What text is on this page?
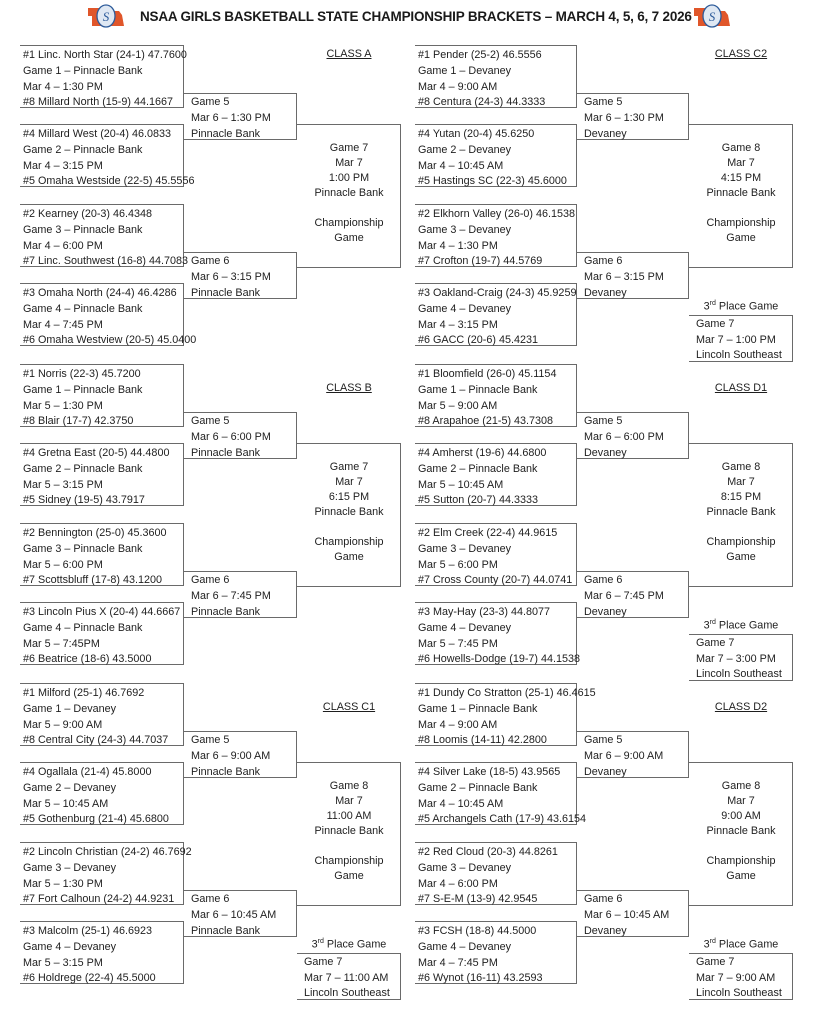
S NSAA GIRLS BASKETBALL STATE CHAMPIONSHIP BRACKETS – MARCH 4, 5, 6, 7 2026 S
CLASS A
#1 Linc. North Star (24-1) 47.7600
Game 1 – Pinnacle Bank
Mar 4 – 1:30 PM
#8 Millard North (15-9) 44.1667
#4 Millard West (20-4) 46.0833
Game 2 – Pinnacle Bank
Mar 4 – 3:15 PM
#5 Omaha Westside (22-5) 45.5556
#2 Kearney (20-3) 46.4348
Game 3 – Pinnacle Bank
Mar 4 – 6:00 PM
#7 Linc. Southwest (16-8) 44.7083
#3 Omaha North (24-4) 46.4286
Game 4 – Pinnacle Bank
Mar 4 – 7:45 PM
#6 Omaha Westview (20-5) 45.0400
Game 5
Mar 6 – 1:30 PM
Pinnacle Bank
Game 6
Mar 6 – 3:15 PM
Pinnacle Bank
Game 7
Mar 7
1:00 PM
Pinnacle Bank
Championship
Game
CLASS B
#1 Norris (22-3) 45.7200
Game 1 – Pinnacle Bank
Mar 5 – 1:30 PM
#8 Blair (17-7) 42.3750
#4 Gretna East (20-5) 44.4800
Game 2 – Pinnacle Bank
Mar 5 – 3:15 PM
#5 Sidney (19-5) 43.7917
#2 Bennington (25-0) 45.3600
Game 3 – Pinnacle Bank
Mar 5 – 6:00 PM
#7 Scottsbluff (17-8) 43.1200
#3 Lincoln Pius X (20-4) 44.6667
Game 4 – Pinnacle Bank
Mar 5 – 7:45PM
#6 Beatrice (18-6) 43.5000
Game 5
Mar 6 – 6:00 PM
Pinnacle Bank
Game 6
Mar 6 – 7:45 PM
Pinnacle Bank
Game 7
Mar 7
6:15 PM
Pinnacle Bank
Championship
Game
CLASS C1
#1 Milford (25-1) 46.7692
Game 1 – Devaney
Mar 5 – 9:00 AM
#8 Central City (24-3) 44.7037
#4 Ogallala (21-4) 45.8000
Game 2 – Devaney
Mar 5 – 10:45 AM
#5 Gothenburg (21-4) 45.6800
#2 Lincoln Christian (24-2) 46.7692
Game 3 – Devaney
Mar 5 – 1:30 PM
#7 Fort Calhoun (24-2) 44.9231
#3 Malcolm (25-1) 46.6923
Game 4 – Devaney
Mar 5 – 3:15 PM
#6 Holdrege (22-4) 45.5000
Game 5
Mar 6 – 9:00 AM
Pinnacle Bank
Game 6
Mar 6 – 10:45 AM
Pinnacle Bank
Game 8
Mar 7
11:00 AM
Pinnacle Bank
Championship
Game
3rd Place Game
Game 7
Mar 7 – 11:00 AM
Lincoln Southeast
CLASS C2
#1 Pender (25-2) 46.5556
Game 1 – Devaney
Mar 4 – 9:00 AM
#8 Centura (24-3) 44.3333
#4 Yutan (20-4) 45.6250
Game 2 – Devaney
Mar 4 – 10:45 AM
#5 Hastings SC (22-3) 45.6000
#2 Elkhorn Valley (26-0) 46.1538
Game 3 – Devaney
Mar 4 – 1:30 PM
#7 Crofton (19-7) 44.5769
#3 Oakland-Craig (24-3) 45.9259
Game 4 – Devaney
Mar 4 – 3:15 PM
#6 GACC (20-6) 45.4231
Game 5
Mar 6 – 1:30 PM
Devaney
Game 6
Mar 6 – 3:15 PM
Devaney
Game 8
Mar 7
4:15 PM
Pinnacle Bank
Championship
Game
3rd Place Game
Game 7
Mar 7 – 1:00 PM
Lincoln Southeast
CLASS D1
#1 Bloomfield (26-0) 45.1154
Game 1 – Pinnacle Bank
Mar 5 – 9:00 AM
#8 Arapahoe (21-5) 43.7308
#4 Amherst (19-6) 44.6800
Game 2 – Pinnacle Bank
Mar 5 – 10:45 AM
#5 Sutton (20-7) 44.3333
#2 Elm Creek (22-4) 44.9615
Game 3 – Devaney
Mar 5 – 6:00 PM
#7 Cross County (20-7) 44.0741
#3 May-Hay (23-3) 44.8077
Game 4 – Devaney
Mar 5 – 7:45 PM
#6 Howells-Dodge (19-7) 44.1538
Game 5
Mar 6 – 6:00 PM
Devaney
Game 6
Mar 6 – 7:45 PM
Devaney
Game 8
Mar 7
8:15 PM
Pinnacle Bank
Championship
Game
3rd Place Game
Game 7
Mar 7 – 3:00 PM
Lincoln Southeast
CLASS D2
#1 Dundy Co Stratton (25-1) 46.4615
Game 1 – Pinnacle Bank
Mar 4 – 9:00 AM
#8 Loomis (14-11) 42.2800
#4 Silver Lake (18-5) 43.9565
Game 2 – Pinnacle Bank
Mar 4 – 10:45 AM
#5 Archangels Cath (17-9) 43.6154
#2 Red Cloud (20-3) 44.8261
Game 3 – Devaney
Mar 4 – 6:00 PM
#7 S-E-M (13-9) 42.9545
#3 FCSH (18-8) 44.5000
Game 4 – Devaney
Mar 4 – 7:45 PM
#6 Wynot (16-11) 43.2593
Game 5
Mar 6 – 9:00 AM
Devaney
Game 6
Mar 6 – 10:45 AM
Devaney
Game 8
Mar 7
9:00 AM
Pinnacle Bank
Championship
Game
3rd Place Game
Game 7
Mar 7 – 9:00 AM
Lincoln Southeast
